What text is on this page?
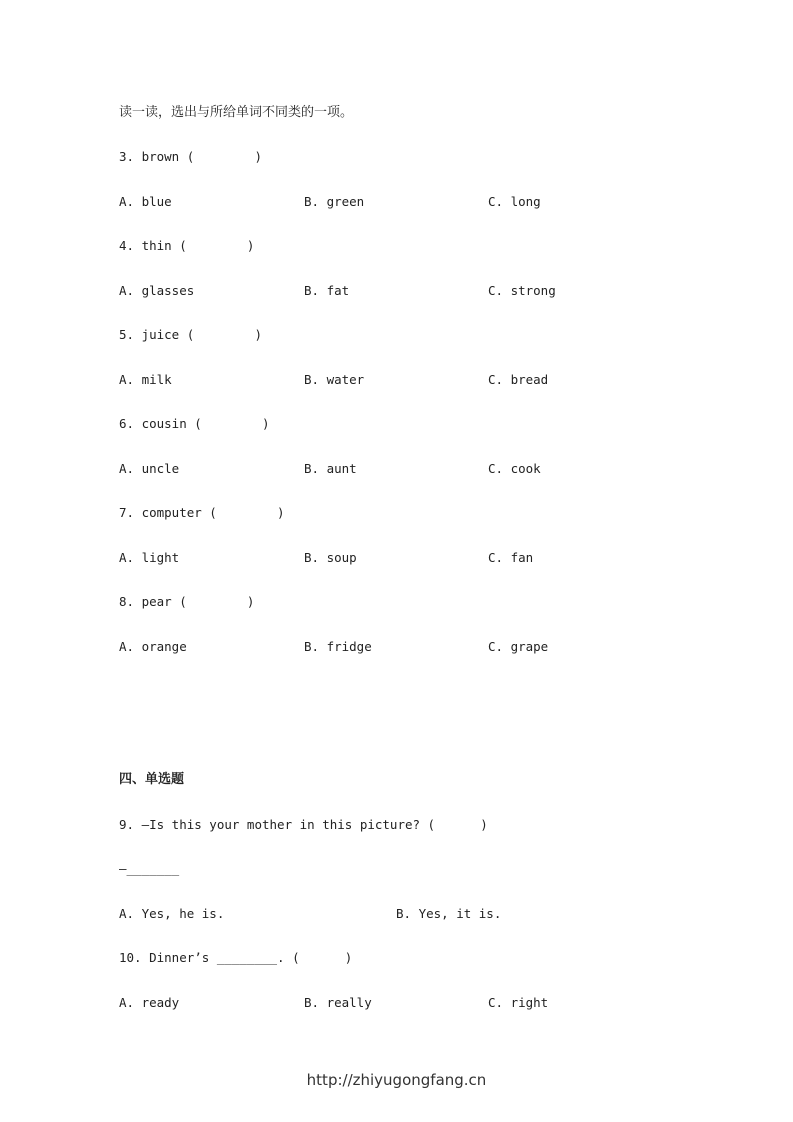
读一读，选出与所给单词不同类的一项。
3. brown (        )
A. blue	B. green	C. long
4. thin (        )
A. glasses	B. fat	C. strong
5. juice (        )
A. milk	B. water	C. bread
6. cousin (        )
A. uncle	B. aunt	C. cook
7. computer (        )
A. light	B. soup	C. fan
8. pear (        )
A. orange	B. fridge	C. grape
四、单选题
9. —Is this your mother in this picture? (      )
—_______
A. Yes, he is.	B. Yes, it is.
10. Dinner’s ________. (      )
A. ready	B. really	C. right
http://zhiyugongfang.cn
